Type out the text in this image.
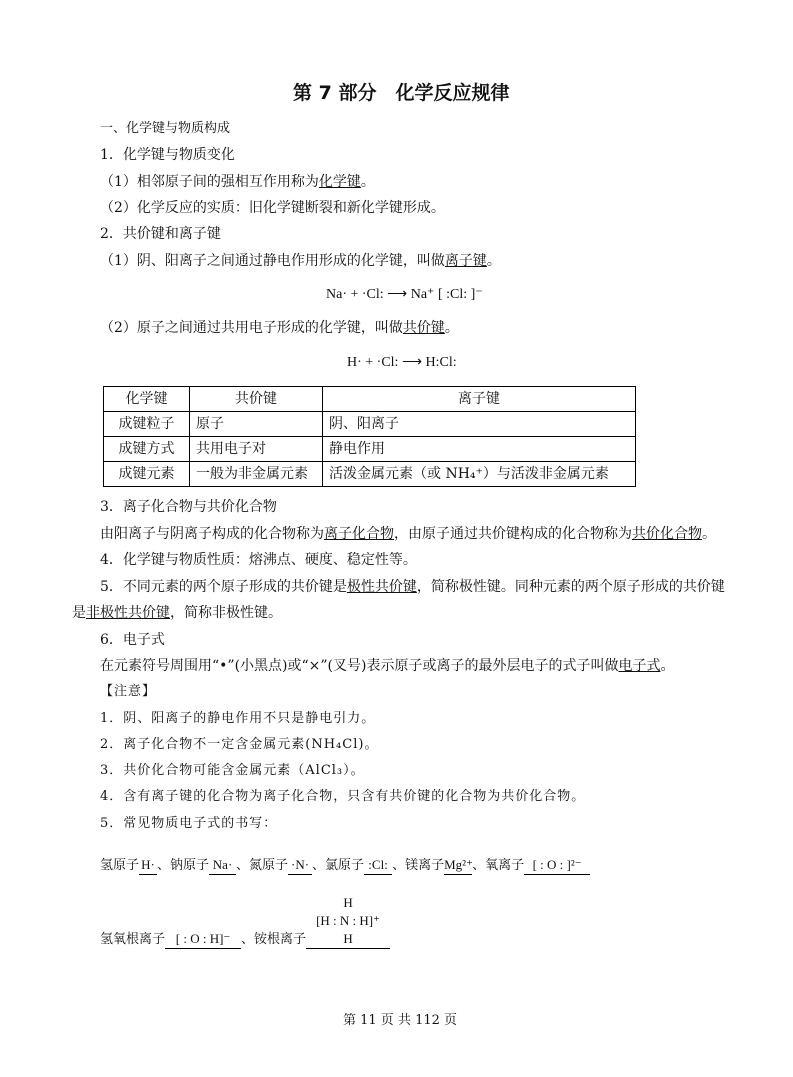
第 7 部分　化学反应规律
一、化学键与物质构成
1．化学键与物质变化
（1）相邻原子间的强相互作用称为化学键。
（2）化学反应的实质：旧化学键断裂和新化学键形成。
2．共价键和离子键
（1）阴、阳离子之间通过静电作用形成的化学键，叫做离子键。
Na· + ·Cl: ⟶ Na⁺ [ :Cl: ]⁻
（2）原子之间通过共用电子形成的化学键，叫做共价键。
H· + ·Cl: ⟶ H:Cl:
化学键	共价键	离子键
成键粒子	原子	阴、阳离子
成键方式	共用电子对	静电作用
成键元素	一般为非金属元素	活泼金属元素（或 NH₄⁺）与活泼非金属元素
3．离子化合物与共价化合物
由阳离子与阴离子构成的化合物称为离子化合物，由原子通过共价键构成的化合物称为共价化合物。
4．化学键与物质性质：熔沸点、硬度、稳定性等。
5．不同元素的两个原子形成的共价键是极性共价键，简称极性键。同种元素的两个原子形成的共价键
是非极性共价键，简称非极性键。
6．电子式
在元素符号周围用“•”(小黑点)或“×”(叉号)表示原子或离子的最外层电子的式子叫做电子式。
【注意】
1．阴、阳离子的静电作用不只是静电引力。
2．离子化合物不一定含金属元素(NH₄Cl)。
3．共价化合物可能含金属元素（AlCl₃）。
4．含有离子键的化合物为离子化合物，只含有共价键的化合物为共价化合物。
5．常见物质电子式的书写：
氢原子 H· 、钠原子 Na· 、氮原子 ·N· 、氯原子 :Cl: 、镁离子Mg²⁺、氧离子 [ : O : ]²⁻
氢氧根离子 [ : O : H]⁻ 、铵根离子
H
[H : N : H]⁺
H
第 11 页 共 112 页
